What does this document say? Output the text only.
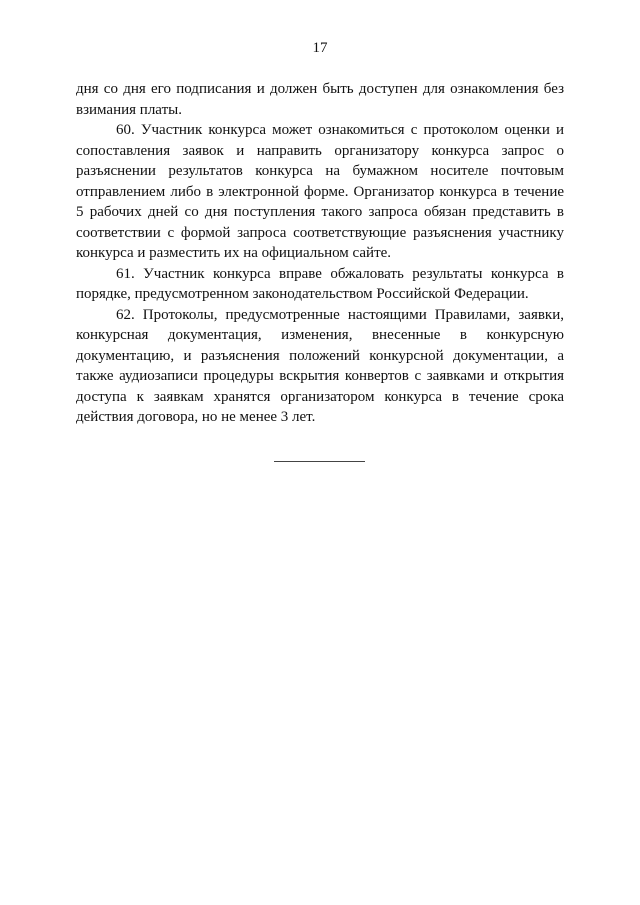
17

дня со дня его подписания и должен быть доступен для ознакомления без взимания платы.

60. Участник конкурса может ознакомиться с протоколом оценки и сопоставления заявок и направить организатору конкурса запрос о разъяснении результатов конкурса на бумажном носителе почтовым отправлением либо в электронной форме. Организатор конкурса в течение 5 рабочих дней со дня поступления такого запроса обязан представить в соответствии с формой запроса соответствующие разъяснения участнику конкурса и разместить их на официальном сайте.

61. Участник конкурса вправе обжаловать результаты конкурса в порядке, предусмотренном законодательством Российской Федерации.

62. Протоколы, предусмотренные настоящими Правилами, заявки, конкурсная документация, изменения, внесенные в конкурсную документацию, и разъяснения положений конкурсной документации, а также аудиозаписи процедуры вскрытия конвертов с заявками и открытия доступа к заявкам хранятся организатором конкурса в течение срока действия договора, но не менее 3 лет.
